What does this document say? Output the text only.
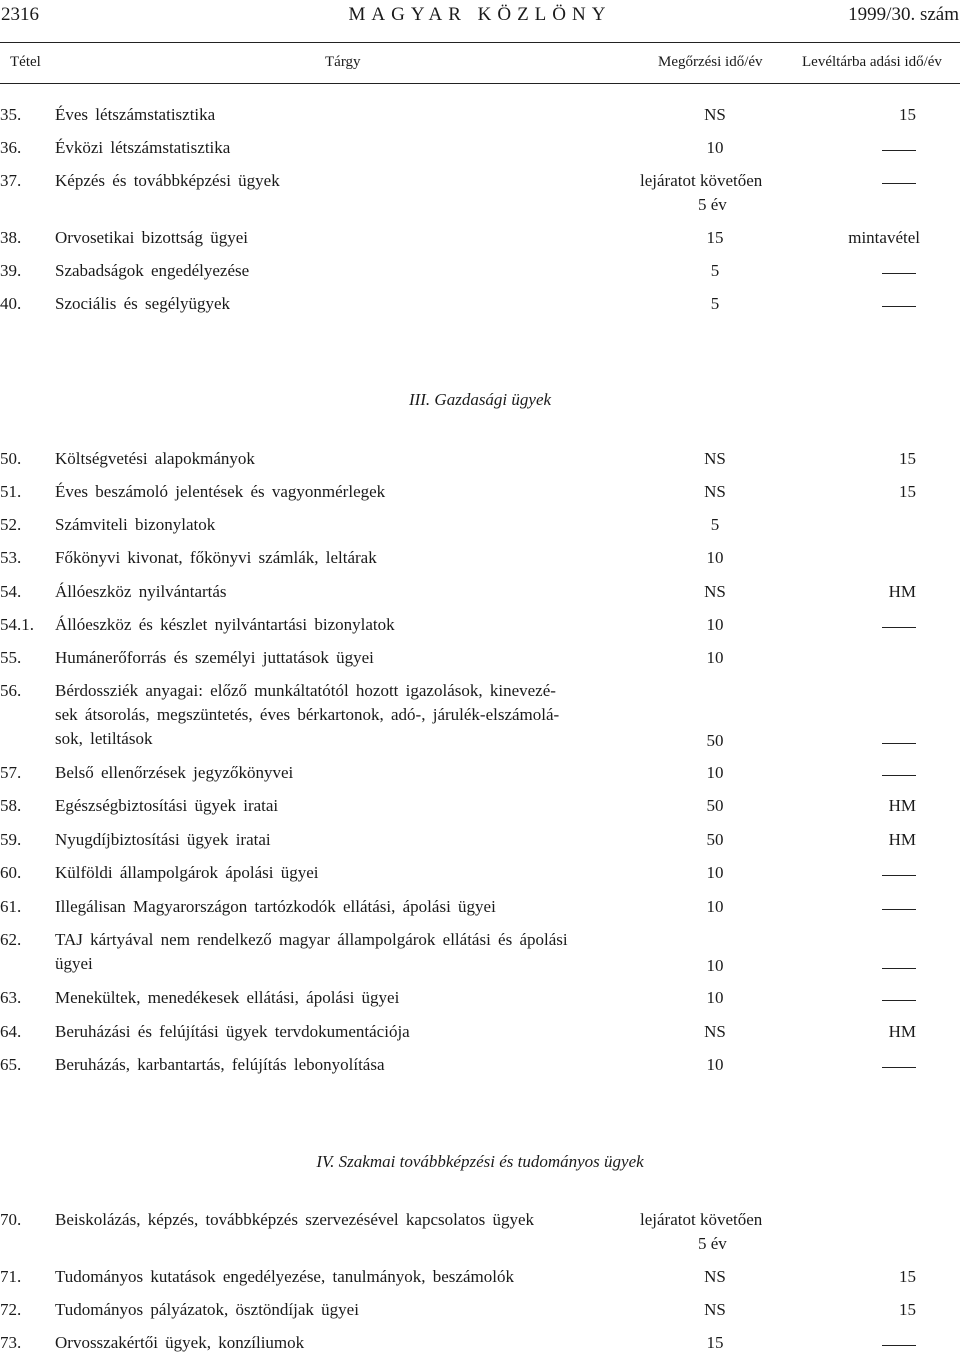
2316	MAGYAR KÖZLÖNY	1999/30. szám
Tétel	Tárgy	Megőrzési idő/év	Levéltárba adási idő/év
35. Éves létszámstatisztika	NS	15
36. Évközi létszámstatisztika	10
37. Képzés és továbbképzési ügyek	lejáratot követően
5 év
38. Orvosetikai bizottság ügyei	15	mintavétel
39. Szabadságok engedélyezése	5
40. Szociális és segélyügyek	5
III. Gazdasági ügyek
50. Költségvetési alapokmányok	NS	15
51. Éves beszámoló jelentések és vagyonmérlegek	NS	15
52. Számviteli bizonylatok	5
53. Főkönyvi kivonat, főkönyvi számlák, leltárak	10
54. Állóeszköz nyilvántartás	NS	HM
54.1. Állóeszköz és készlet nyilvántartási bizonylatok	10
55. Humánerőforrás és személyi juttatások ügyei	10
56. Bérdossziék anyagai: előző munkáltatótól hozott igazolások, kinevezé-
sek átsorolás, megszüntetés, éves bérkartonok, adó-, járulék-elszámolá-
sok, letiltások	50
57. Belső ellenőrzések jegyzőkönyvei	10
58. Egészségbiztosítási ügyek iratai	50	HM
59. Nyugdíjbiztosítási ügyek iratai	50	HM
60. Külföldi állampolgárok ápolási ügyei	10
61. Illegálisan Magyarországon tartózkodók ellátási, ápolási ügyei	10
62. TAJ kártyával nem rendelkező magyar állampolgárok ellátási és ápolási
ügyei	10
63. Menekültek, menedékesek ellátási, ápolási ügyei	10
64. Beruházási és felújítási ügyek tervdokumentációja	NS	HM
65. Beruházás, karbantartás, felújítás lebonyolítása	10
IV. Szakmai továbbképzési és tudományos ügyek
70. Beiskolázás, képzés, továbbképzés szervezésével kapcsolatos ügyek	lejáratot követően
5 év
71. Tudományos kutatások engedélyezése, tanulmányok, beszámolók	NS	15
72. Tudományos pályázatok, ösztöndíjak ügyei	NS	15
73. Orvosszakértői ügyek, konzíliumok	15
